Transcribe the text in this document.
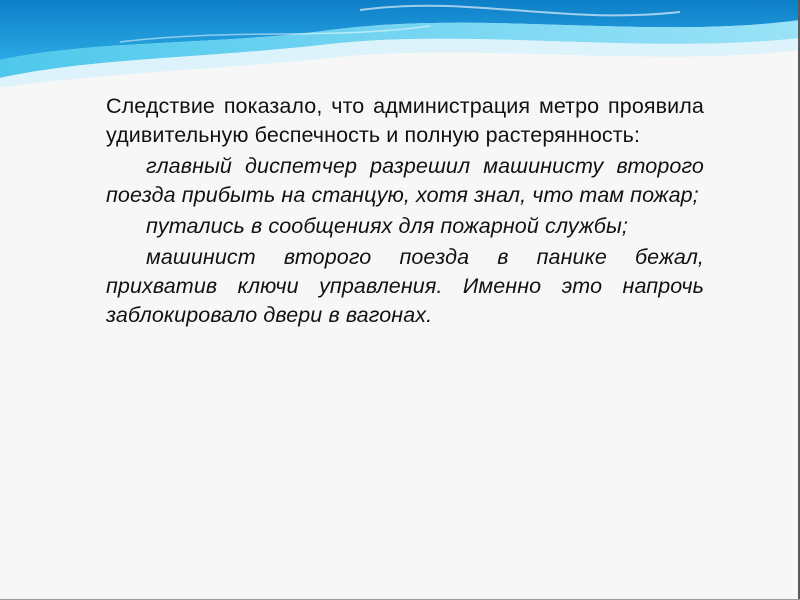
Следствие показало, что администрация метро проявила удивительную беспечность и полную растерянность:

главный диспетчер разрешил машинисту второго поезда прибыть на станцую, хотя знал, что там пожар;

путались в сообщениях для пожарной службы;

машинист второго поезда в панике бежал, прихватив ключи управления. Именно это напрочь заблокировало двери в вагонах.
